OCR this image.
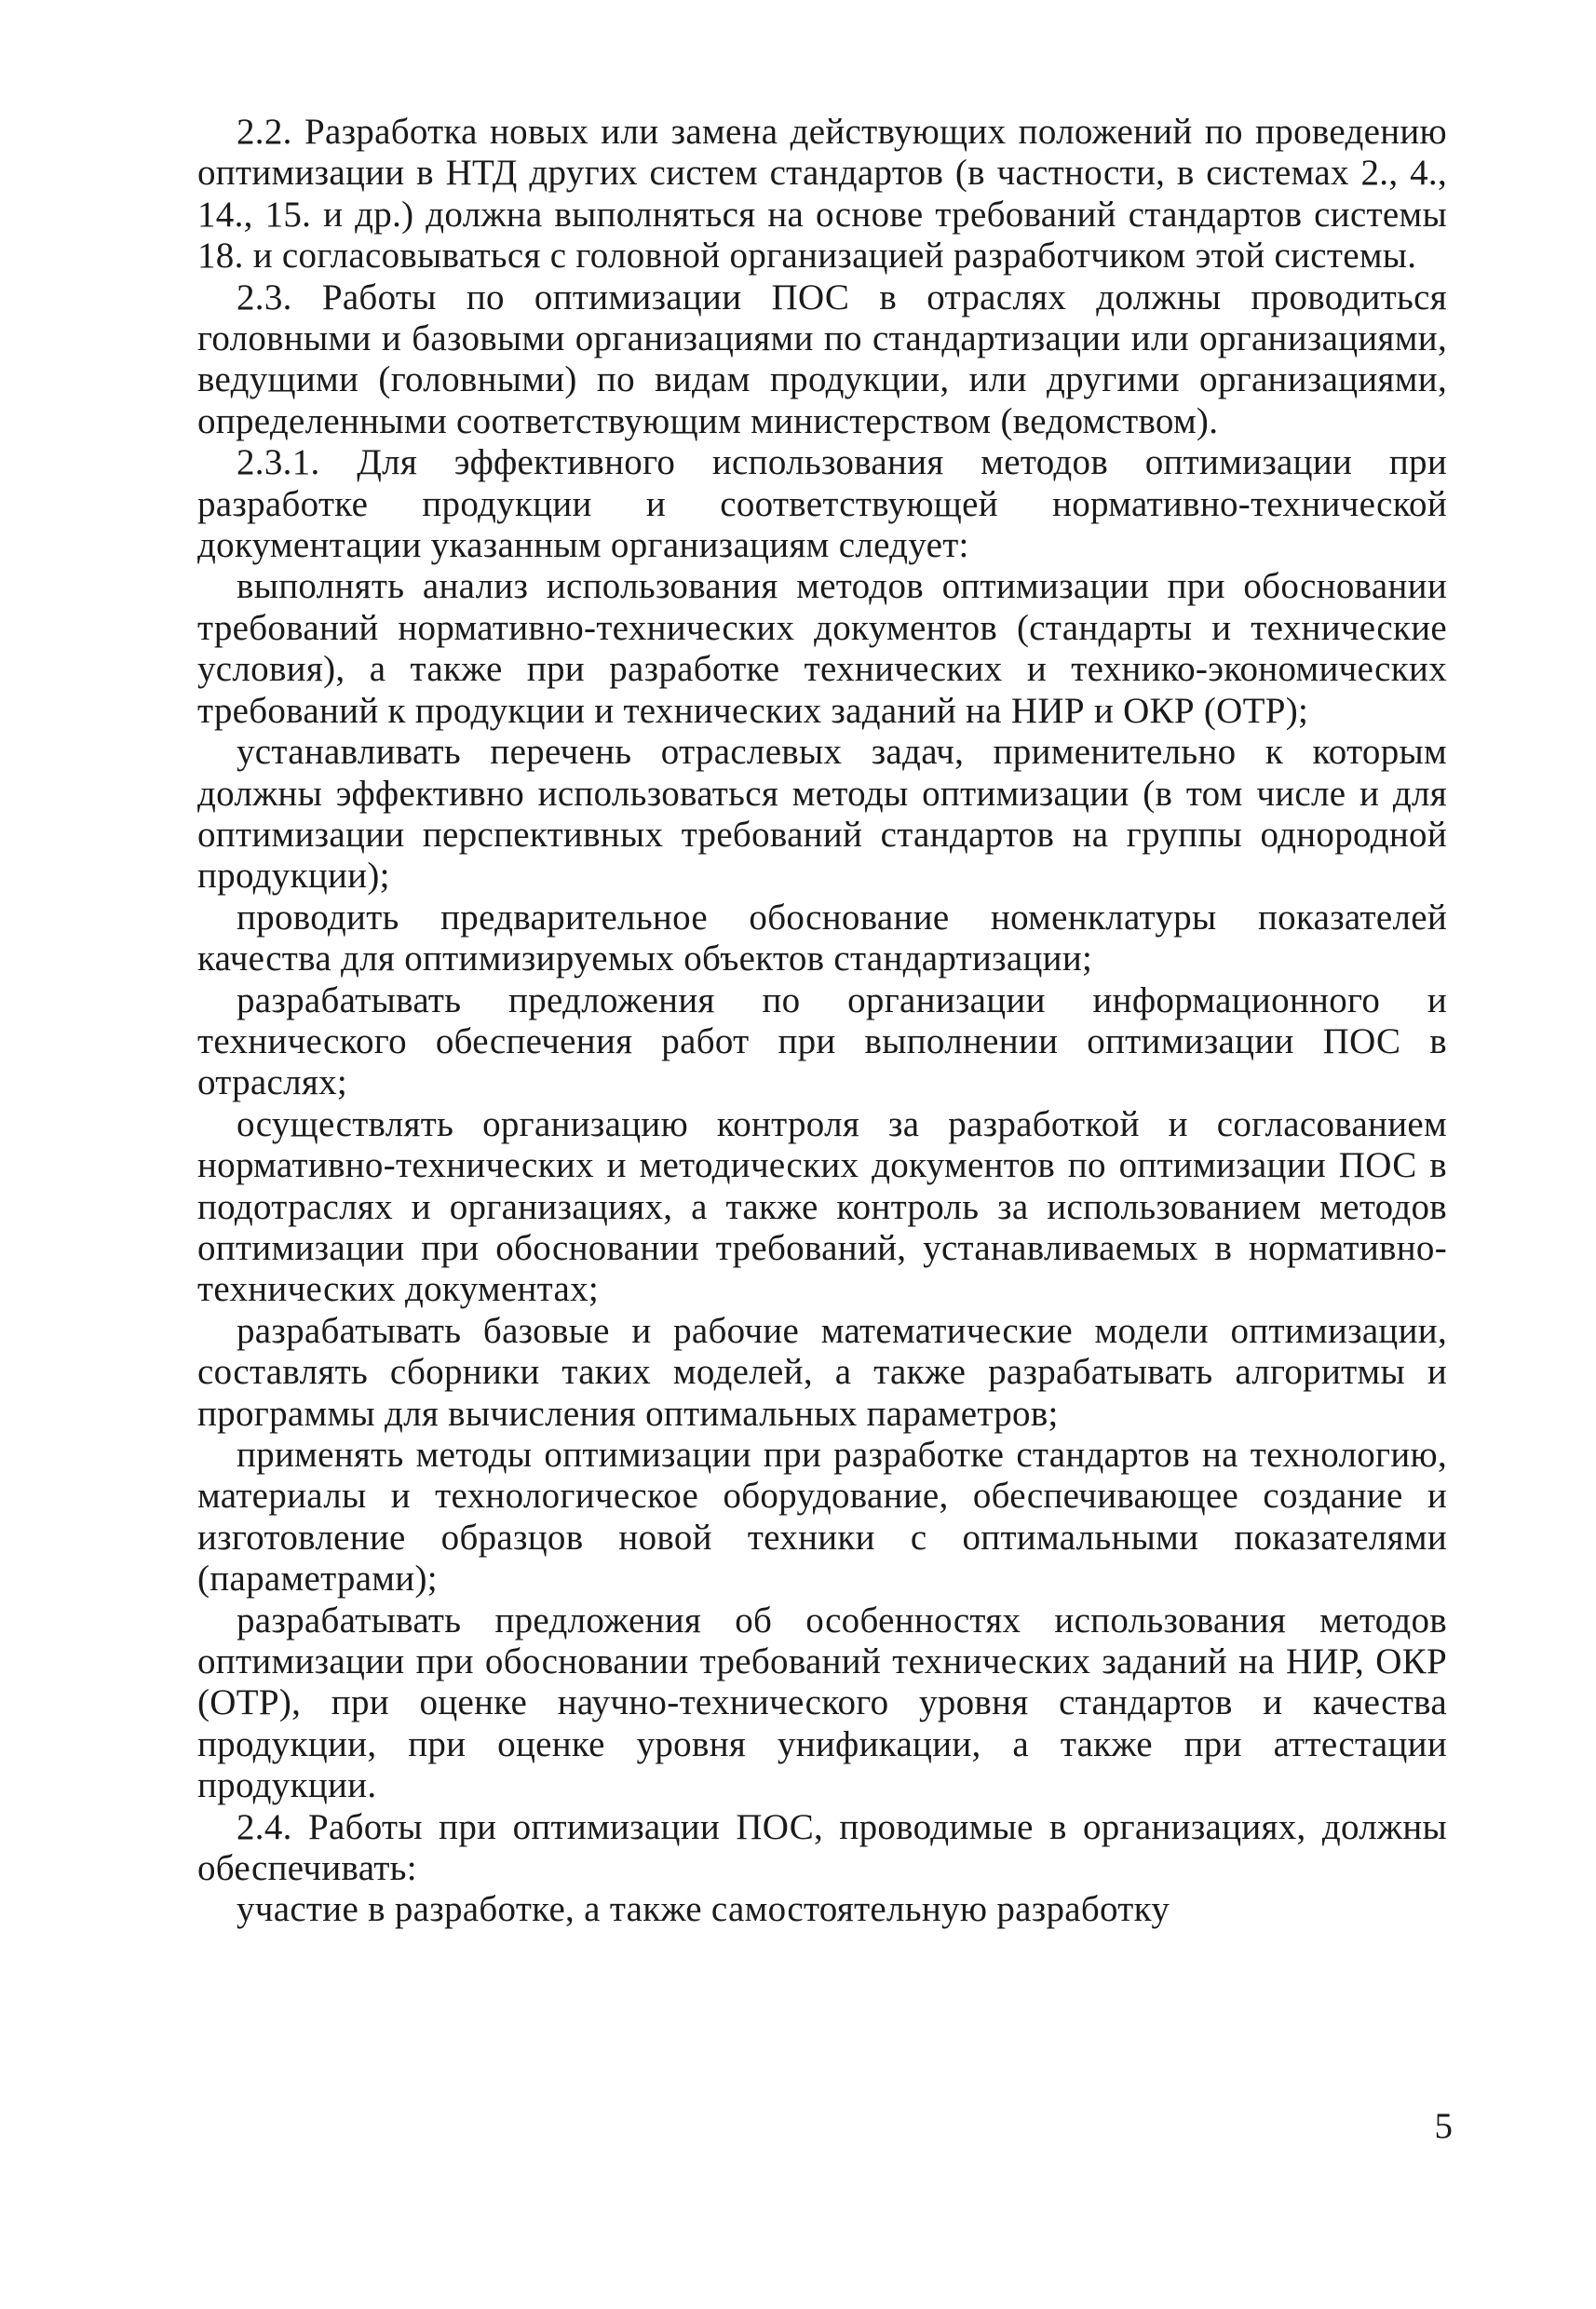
2.2. Разработка новых или замена действующих положений по проведению оптимизации в НТД других систем стандартов (в частности, в системах 2., 4., 14., 15. и др.) должна выполняться на основе требований стандартов системы 18. и согласовываться с головной организацией разработчиком этой системы.

2.3. Работы по оптимизации ПОС в отраслях должны проводиться головными и базовыми организациями по стандартизации или организациями, ведущими (головными) по видам продукции, или другими организациями, определенными соответствующим министерством (ведомством).

2.3.1. Для эффективного использования методов оптимизации при разработке продукции и соответствующей нормативно-технической документации указанным организациям следует:

выполнять анализ использования методов оптимизации при обосновании требований нормативно-технических документов (стандарты и технические условия), а также при разработке технических и технико-экономических требований к продукции и технических заданий на НИР и ОКР (ОТР);

устанавливать перечень отраслевых задач, применительно к которым должны эффективно использоваться методы оптимизации (в том числе и для оптимизации перспективных требований стандартов на группы однородной продукции);

проводить предварительное обоснование номенклатуры показателей качества для оптимизируемых объектов стандартизации;

разрабатывать предложения по организации информационного и технического обеспечения работ при выполнении оптимизации ПОС в отраслях;

осуществлять организацию контроля за разработкой и согласованием нормативно-технических и методических документов по оптимизации ПОС в подотраслях и организациях, а также контроль за использованием методов оптимизации при обосновании требований, устанавливаемых в нормативно-технических документах;

разрабатывать базовые и рабочие математические модели оптимизации, составлять сборники таких моделей, а также разрабатывать алгоритмы и программы для вычисления оптимальных параметров;

применять методы оптимизации при разработке стандартов на технологию, материалы и технологическое оборудование, обеспечивающее создание и изготовление образцов новой техники с оптимальными показателями (параметрами);

разрабатывать предложения об особенностях использования методов оптимизации при обосновании требований технических заданий на НИР, ОКР (ОТР), при оценке научно-технического уровня стандартов и качества продукции, при оценке уровня унификации, а также при аттестации продукции.

2.4. Работы при оптимизации ПОС, проводимые в организациях, должны обеспечивать:

участие в разработке, а также самостоятельную разработку

5
